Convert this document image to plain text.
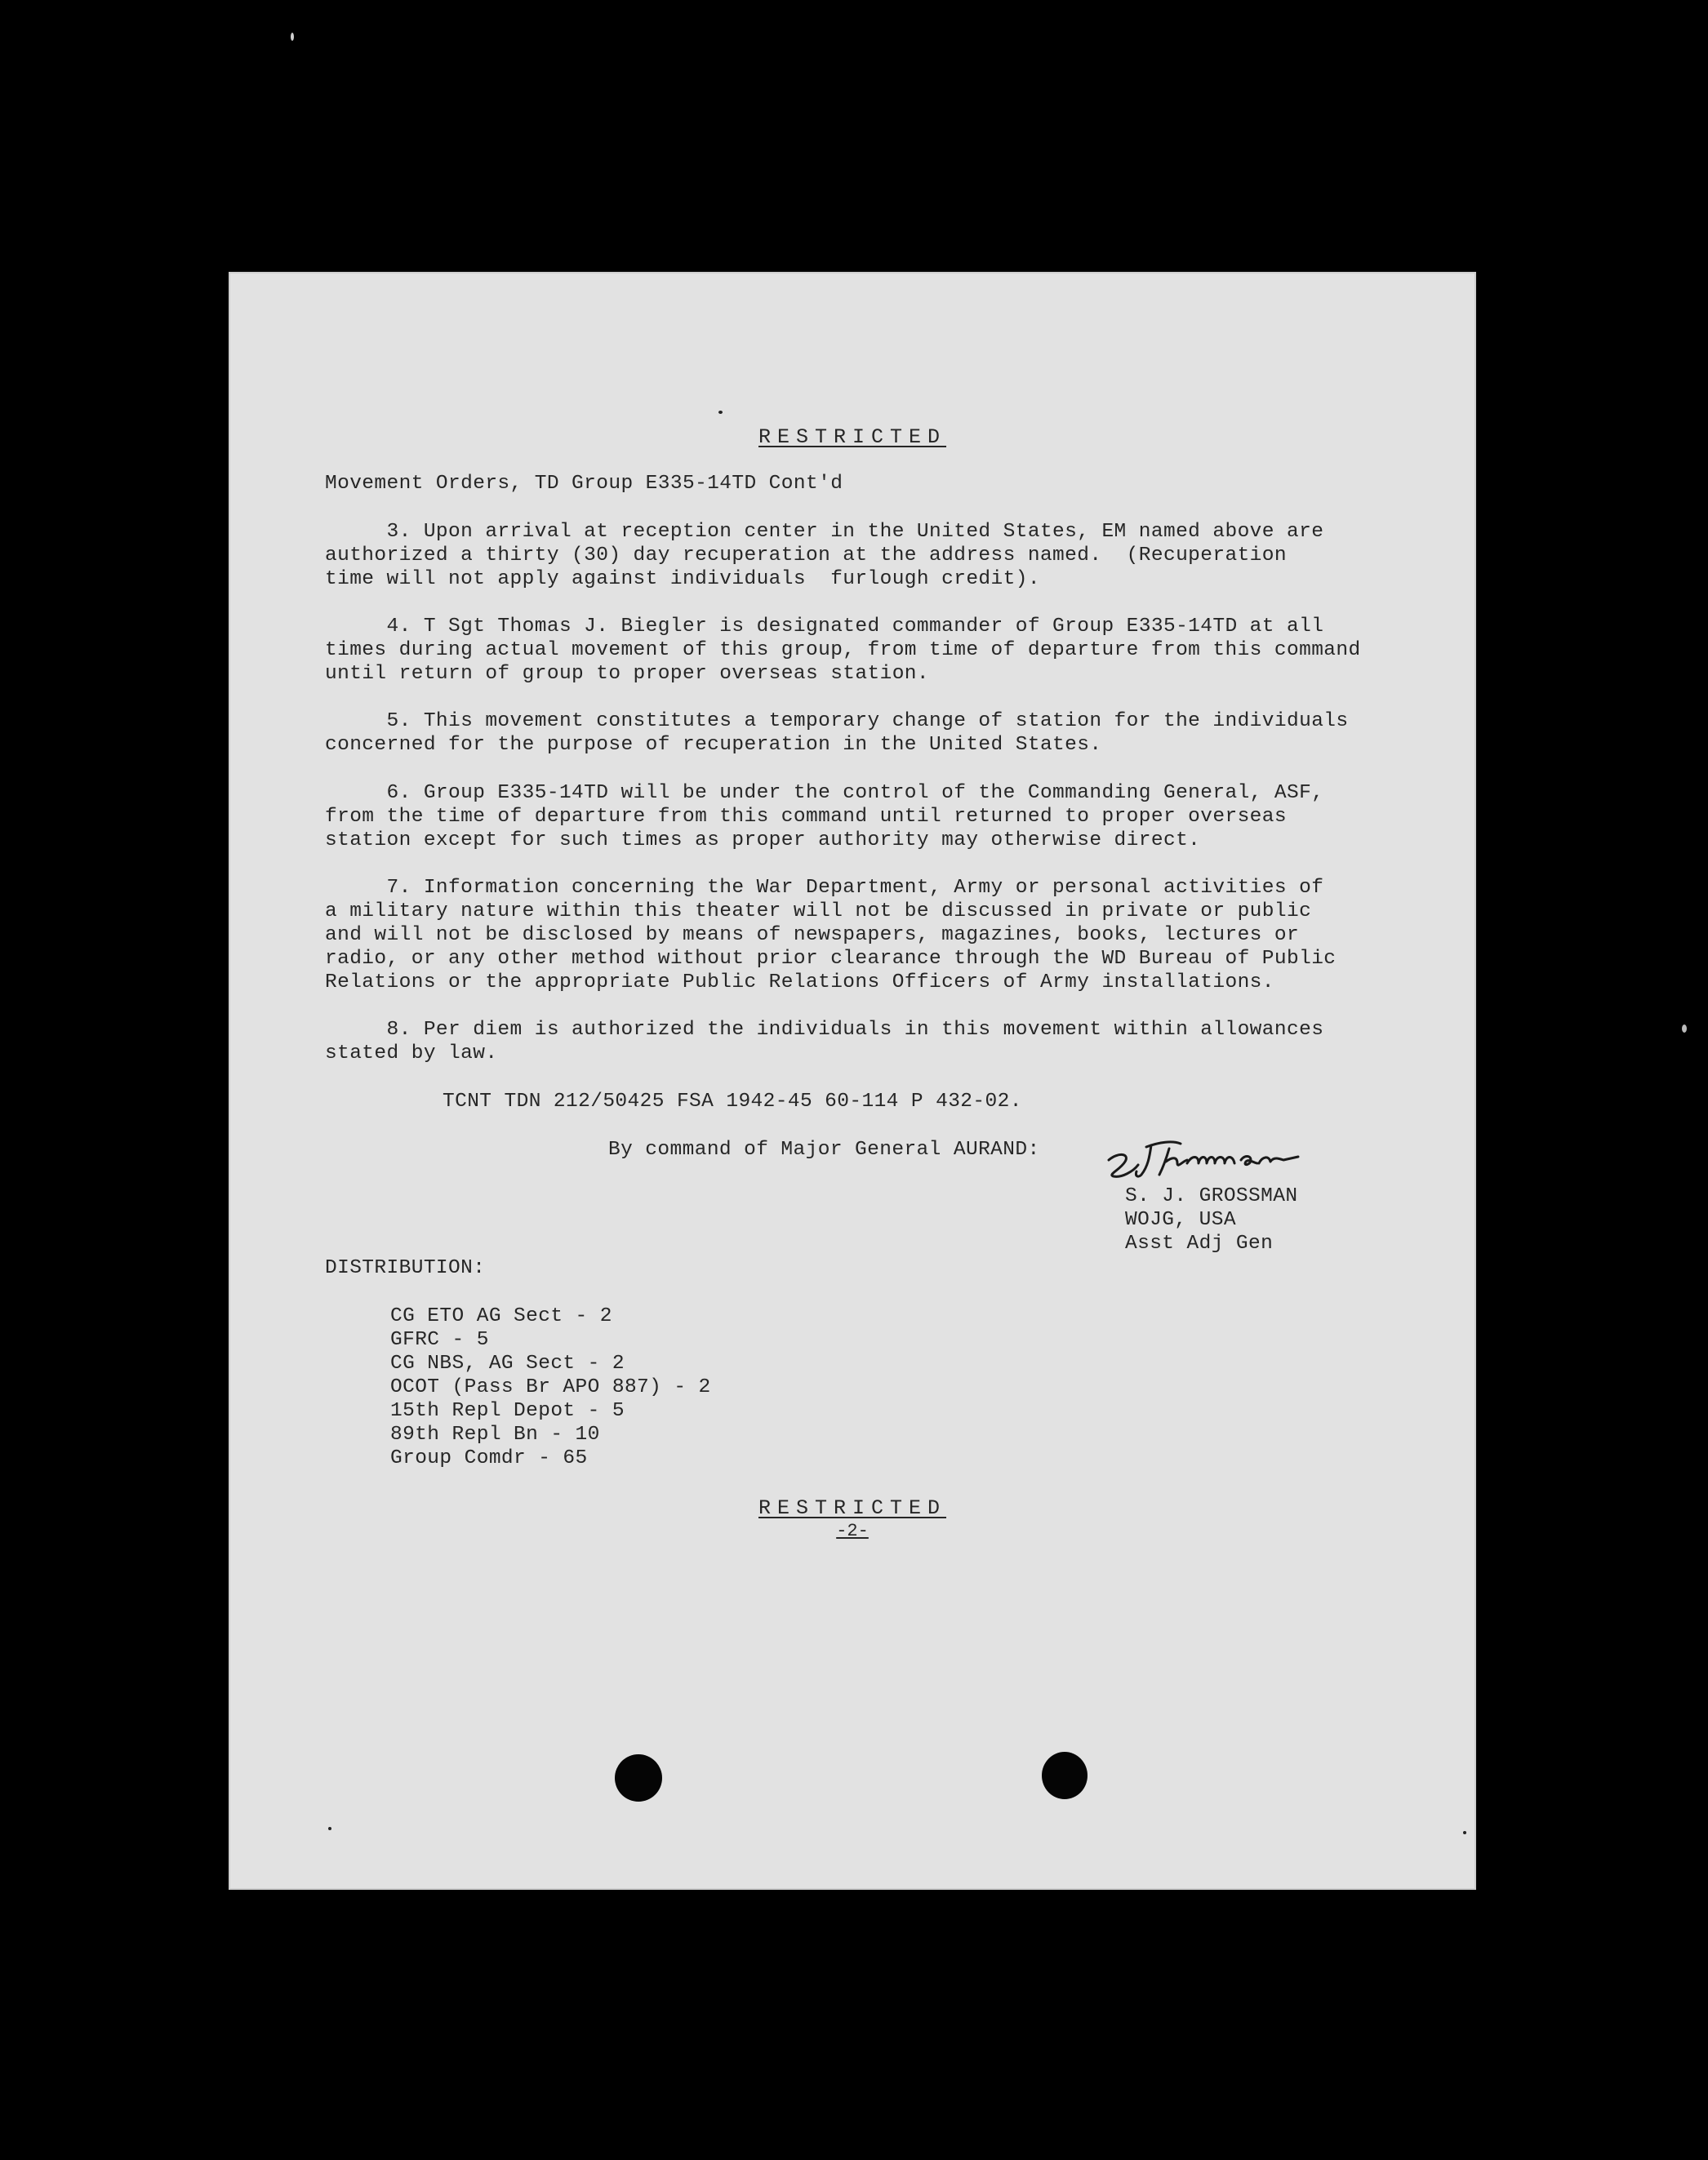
RESTRICTED
Movement Orders, TD Group E335-14TD Cont'd
3. Upon arrival at reception center in the United States, EM named above are
authorized a thirty (30) day recuperation at the address named.  (Recuperation
time will not apply against individuals  furlough credit).
4. T Sgt Thomas J. Biegler is designated commander of Group E335-14TD at all
times during actual movement of this group, from time of departure from this command
until return of group to proper overseas station.
5. This movement constitutes a temporary change of station for the individuals
concerned for the purpose of recuperation in the United States.
6. Group E335-14TD will be under the control of the Commanding General, ASF,
from the time of departure from this command until returned to proper overseas
station except for such times as proper authority may otherwise direct.
7. Information concerning the War Department, Army or personal activities of
a military nature within this theater will not be discussed in private or public
and will not be disclosed by means of newspapers, magazines, books, lectures or
radio, or any other method without prior clearance through the WD Bureau of Public
Relations or the appropriate Public Relations Officers of Army installations.
8. Per diem is authorized the individuals in this movement within allowances
stated by law.
TCNT TDN 212/50425 FSA 1942-45 60-114 P 432-02.
By command of Major General AURAND:
S. J. GROSSMAN
WOJG, USA
Asst Adj Gen
DISTRIBUTION:
CG ETO AG Sect - 2
GFRC - 5
CG NBS, AG Sect - 2
OCOT (Pass Br APO 887) - 2
15th Repl Depot - 5
89th Repl Bn - 10
Group Comdr - 65
RESTRICTED
-2-
